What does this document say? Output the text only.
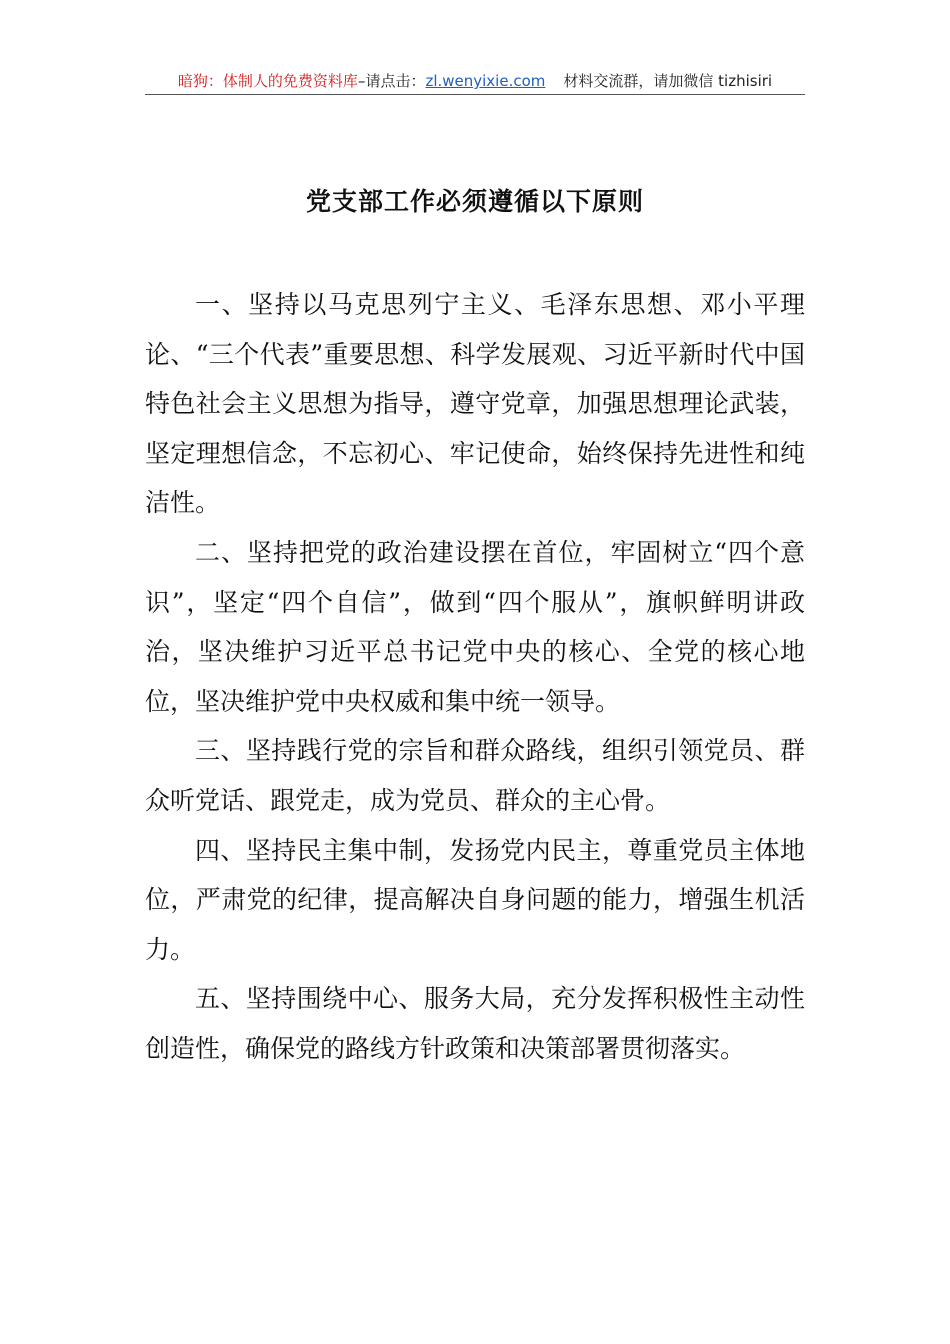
暗狗：体制人的免费资料库 –请点击： zl.wenyixie.com 材料交流群，请加微信 tizhisiri
党支部工作必须遵循以下原则

一、坚持以马克思列宁主义、毛泽东思想、邓小平理论、“三个代表”重要思想、科学发展观、习近平新时代中国特色社会主义思想为指导，遵守党章，加强思想理论武装，坚定理想信念，不忘初心、牢记使命，始终保持先进性和纯洁性。

二、坚持把党的政治建设摆在首位，牢固树立“四个意识”，坚定“四个自信”，做到“四个服从”，旗帜鲜明讲政治，坚决维护习近平总书记党中央的核心、全党的核心地位，坚决维护党中央权威和集中统一领导。

三、坚持践行党的宗旨和群众路线，组织引领党员、群众听党话、跟党走，成为党员、群众的主心骨。

四、坚持民主集中制，发扬党内民主，尊重党员主体地位，严肃党的纪律，提高解决自身问题的能力，增强生机活力。

五、坚持围绕中心、服务大局，充分发挥积极性主动性创造性，确保党的路线方针政策和决策部署贯彻落实。
